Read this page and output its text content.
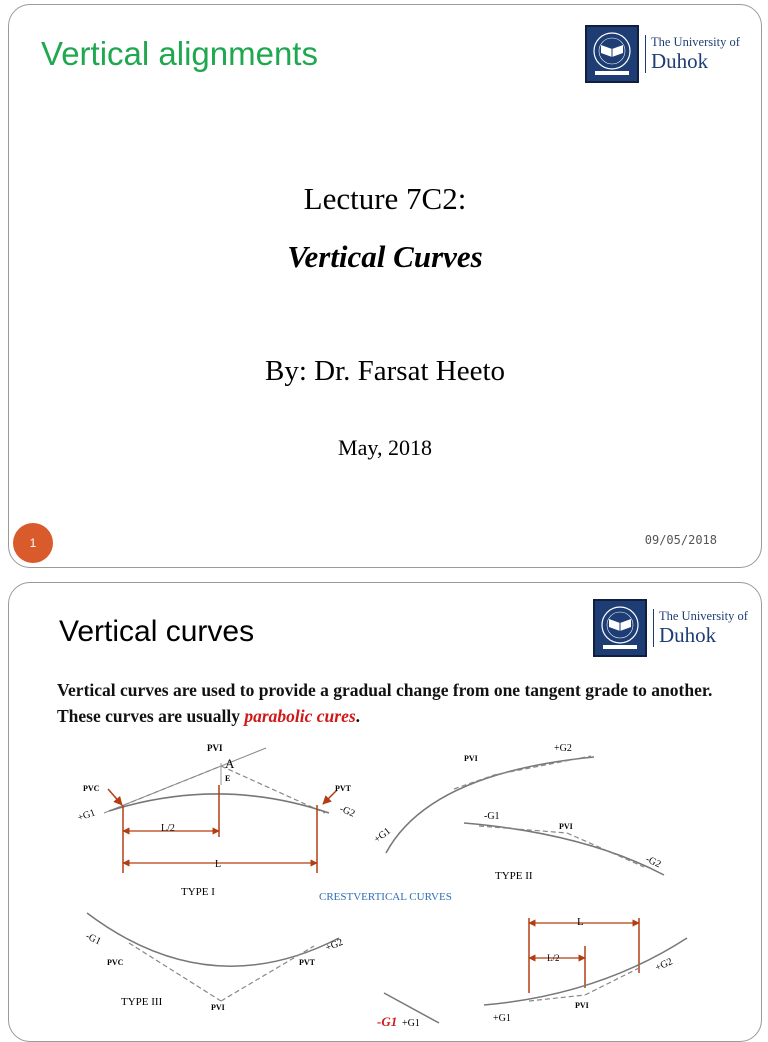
Vertical alignments	The University of
Duhok
Lecture 7C2:
Vertical Curves
By: Dr. Farsat Heeto
May, 2018
1	09/05/2018
Vertical curves	The University of
Duhok

Vertical curves are used to provide a gradual change from one tangent grade to another. These curves are usually parabolic cures.

PVI
A
E
PVC	PVT
+G1	-G2
L/2
L
TYPE I
PVI
+G2
+G1
-G1
PVI
-G2
TYPE II
CRESTVERTICAL CURVES
-G1	+G2
PVC	PVT
PVI
TYPE III
L
L/2	+G2
+G1
PVI
-G1 +G1
